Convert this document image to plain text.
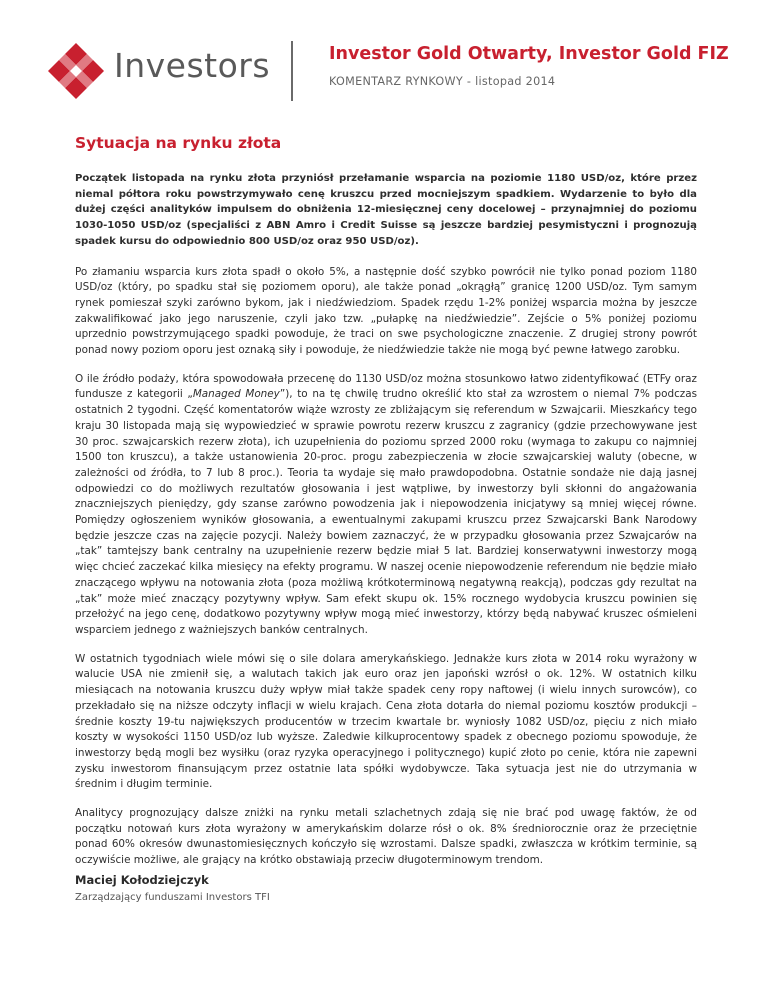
Investors	Investor Gold Otwarty, Investor Gold FIZ
KOMENTARZ RYNKOWY - listopad 2014
Sytuacja na rynku złota

Początek listopada na rynku złota przyniósł przełamanie wsparcia na poziomie 1180 USD/oz, które przez niemal półtora roku powstrzymywało cenę kruszcu przed mocniejszym spadkiem. Wydarzenie to było dla dużej części analityków impulsem do obniżenia 12-miesięcznej ceny docelowej – przynajmniej do poziomu 1030-1050 USD/oz (specjaliści z ABN Amro i Credit Suisse są jeszcze bardziej pesymistyczni i prognozują spadek kursu do odpowiednio 800 USD/oz oraz 950 USD/oz).

Po złamaniu wsparcia kurs złota spadł o około 5%, a następnie dość szybko powrócił nie tylko ponad poziom 1180 USD/oz (który, po spadku stał się poziomem oporu), ale także ponad „okrągłą” granicę 1200 USD/oz. Tym samym rynek pomieszał szyki zarówno bykom, jak i niedźwiedziom. Spadek rzędu 1-2% poniżej wsparcia można by jeszcze zakwalifikować jako jego naruszenie, czyli jako tzw. „pułapkę na niedźwiedzie”. Zejście o 5% poniżej poziomu uprzednio powstrzymującego spadki powoduje, że traci on swe psychologiczne znaczenie. Z drugiej strony powrót ponad nowy poziom oporu jest oznaką siły i powoduje, że niedźwiedzie także nie mogą być pewne łatwego zarobku.

O ile źródło podaży, która spowodowała przecenę do 1130 USD/oz można stosunkowo łatwo zidentyfikować (ETFy oraz fundusze z kategorii „Managed Money”), to na tę chwilę trudno określić kto stał za wzrostem o niemal 7% podczas ostatnich 2 tygodni. Część komentatorów wiąże wzrosty ze zbliżającym się referendum w Szwajcarii. Mieszkańcy tego kraju 30 listopada mają się wypowiedzieć w sprawie powrotu rezerw kruszcu z zagranicy (gdzie przechowywane jest 30 proc. szwajcarskich rezerw złota), ich uzupełnienia do poziomu sprzed 2000 roku (wymaga to zakupu co najmniej 1500 ton kruszcu), a także ustanowienia 20-proc. progu zabezpieczenia w złocie szwajcarskiej waluty (obecne, w zależności od źródła, to 7 lub 8 proc.). Teoria ta wydaje się mało prawdopodobna. Ostatnie sondaże nie dają jasnej odpowiedzi co do możliwych rezultatów głosowania i jest wątpliwe, by inwestorzy byli skłonni do angażowania znaczniejszych pieniędzy, gdy szanse zarówno powodzenia jak i niepowodzenia inicjatywy są mniej więcej równe. Pomiędzy ogłoszeniem wyników głosowania, a ewentualnymi zakupami kruszcu przez Szwajcarski Bank Narodowy będzie jeszcze czas na zajęcie pozycji. Należy bowiem zaznaczyć, że w przypadku głosowania przez Szwajcarów na „tak” tamtejszy bank centralny na uzupełnienie rezerw będzie miał 5 lat. Bardziej konserwatywni inwestorzy mogą więc chcieć zaczekać kilka miesięcy na efekty programu. W naszej ocenie niepowodzenie referendum nie będzie miało znaczącego wpływu na notowania złota (poza możliwą krótkoterminową negatywną reakcją), podczas gdy rezultat na „tak” może mieć znaczący pozytywny wpływ. Sam efekt skupu ok. 15% rocznego wydobycia kruszcu powinien się przełożyć na jego cenę, dodatkowo pozytywny wpływ mogą mieć inwestorzy, którzy będą nabywać kruszec ośmieleni wsparciem jednego z ważniejszych banków centralnych.

W ostatnich tygodniach wiele mówi się o sile dolara amerykańskiego. Jednakże kurs złota w 2014 roku wyrażony w walucie USA nie zmienił się, a walutach takich jak euro oraz jen japoński wzrósł o ok. 12%. W ostatnich kilku miesiącach na notowania kruszcu duży wpływ miał także spadek ceny ropy naftowej (i wielu innych surowców), co przekładało się na niższe odczyty inflacji w wielu krajach. Cena złota dotarła do niemal poziomu kosztów produkcji – średnie koszty 19-tu największych producentów w trzecim kwartale br. wyniosły 1082 USD/oz, pięciu z nich miało koszty w wysokości 1150 USD/oz lub wyższe. Zaledwie kilkuprocentowy spadek z obecnego poziomu spowoduje, że inwestorzy będą mogli bez wysiłku (oraz ryzyka operacyjnego i politycznego) kupić złoto po cenie, która nie zapewni zysku inwestorom finansującym przez ostatnie lata spółki wydobywcze. Taka sytuacja jest nie do utrzymania w średnim i długim terminie.

Analitycy prognozujący dalsze zniżki na rynku metali szlachetnych zdają się nie brać pod uwagę faktów, że od początku notowań kurs złota wyrażony w amerykańskim dolarze rósł o ok. 8% średniorocznie oraz że przeciętnie ponad 60% okresów dwunastomiesięcznych kończyło się wzrostami. Dalsze spadki, zwłaszcza w krótkim terminie, są oczywiście możliwe, ale grający na krótko obstawiają przeciw długoterminowym trendom.

Maciej Kołodziejczyk
Zarządzający funduszami Investors TFI
